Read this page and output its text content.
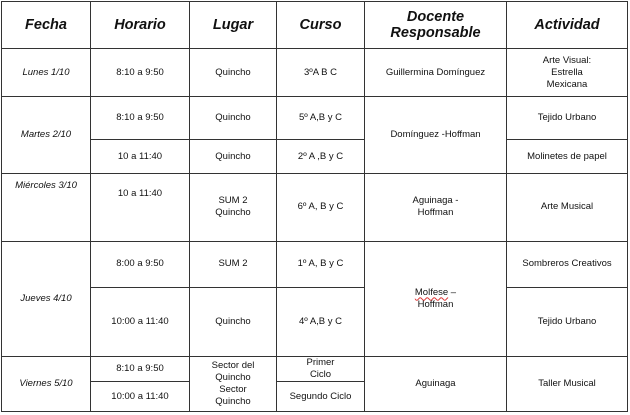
Fecha	Horario	Lugar	Curso	Docente Responsable	Actividad
Lunes 1/10	8:10 a 9:50	Quincho	3ºA B C	Guillermina Domínguez	Arte Visual: Estrella Mexicana
Martes 2/10	8:10 a 9:50	Quincho	5º A,B y C	Domínguez -Hoffman	Tejido Urbano
	10 a 11:40	Quincho	2º A ,B y C		Molinetes de papel
Miércoles 3/10	10 a 11:40	SUM 2 Quincho	6º A, B y C	Aguinaga - Hoffman	Arte Musical
Jueves 4/10	8:00 a 9:50	SUM 2	1º A, B y C	Molfese – Hoffman	Sombreros Creativos
	10:00 a 11:40	Quincho	4º A,B y C		Tejido Urbano
Viernes 5/10	8:10 a 9:50	Sector del Quincho Sector Quincho	Primer Ciclo	Aguinaga	Taller Musical
	10:00 a 11:40		Segundo Ciclo		
